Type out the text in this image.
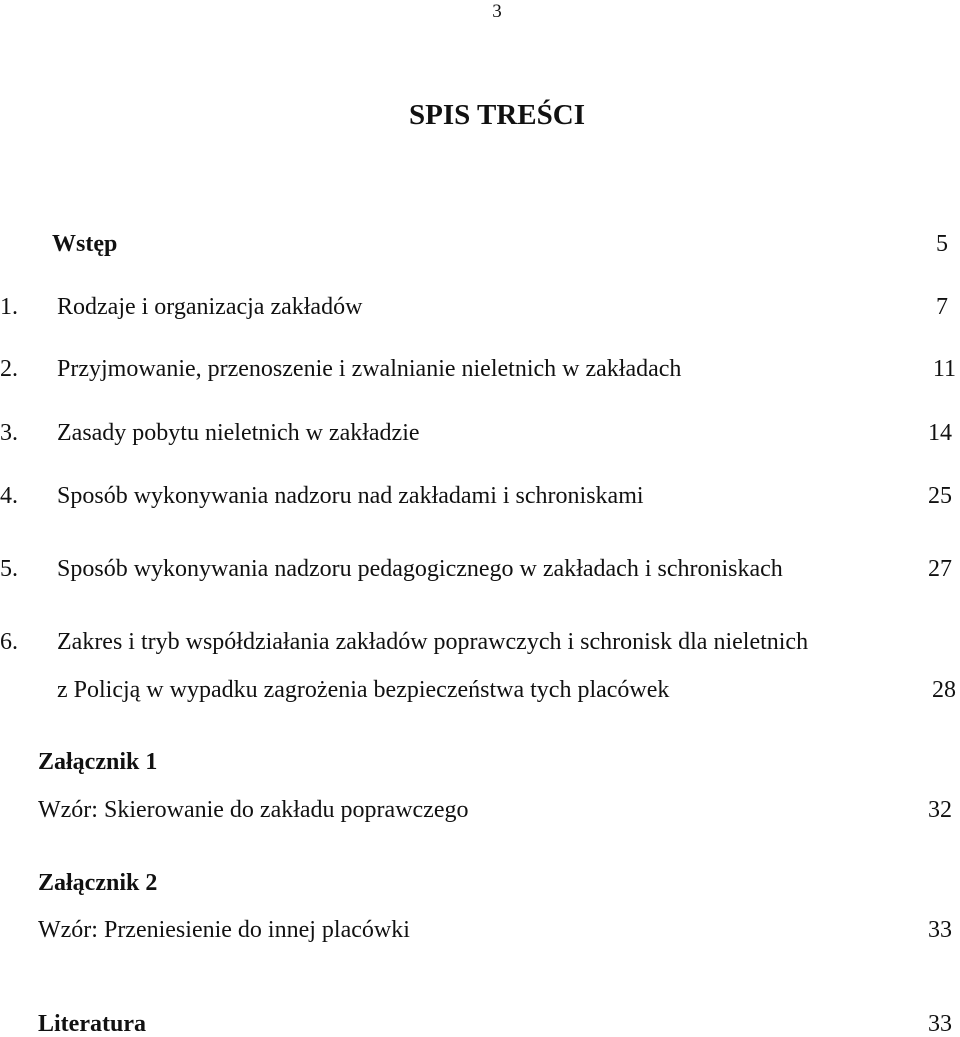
3
SPIS TREŚCI
Wstęp	5
1. Rodzaje i organizacja zakładów	7
2. Przyjmowanie, przenoszenie i zwalnianie nieletnich w zakładach	11
3. Zasady pobytu nieletnich w zakładzie	14
4. Sposób wykonywania nadzoru nad zakładami i schroniskami	25
5. Sposób wykonywania nadzoru pedagogicznego w zakładach i schroniskach	27
6. Zakres i tryb współdziałania zakładów poprawczych i schronisk dla nieletnich
z Policją w wypadku zagrożenia bezpieczeństwa tych placówek	28
Załącznik 1
Wzór: Skierowanie do zakładu poprawczego	32
Załącznik 2
Wzór: Przeniesienie do innej placówki	33
Literatura	33
